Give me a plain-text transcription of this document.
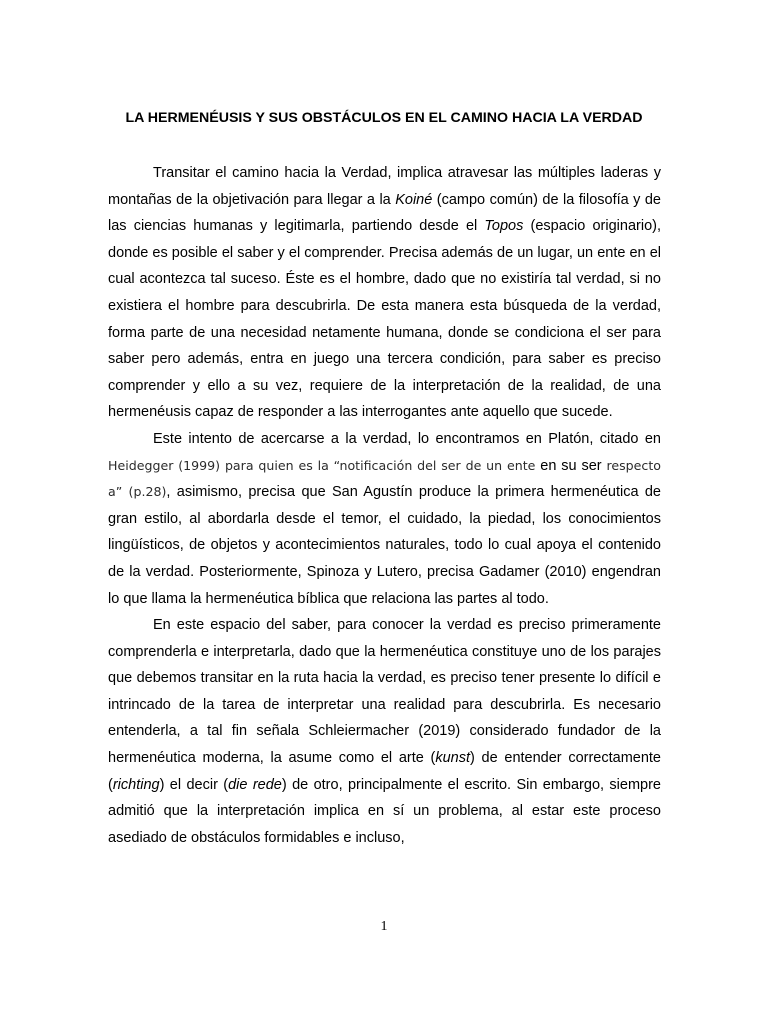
LA HERMENÉUSIS Y SUS OBSTÁCULOS EN EL CAMINO HACIA LA VERDAD

Transitar el camino hacia la Verdad, implica atravesar las múltiples laderas y montañas de la objetivación para llegar a la Koiné (campo común) de la filosofía y de las ciencias humanas y legitimarla, partiendo desde el Topos (espacio originario), donde es posible el saber y el comprender. Precisa además de un lugar, un ente en el cual acontezca tal suceso. Éste es el hombre, dado que no existiría tal verdad, si no existiera el hombre para descubrirla. De esta manera esta búsqueda de la verdad, forma parte de una necesidad netamente humana, donde se condiciona el ser para saber pero además, entra en juego una tercera condición, para saber es preciso comprender y ello a su vez, requiere de la interpretación de la realidad, de una hermenéusis capaz de responder a las interrogantes ante aquello que sucede.

Este intento de acercarse a la verdad, lo encontramos en Platón, citado en Heidegger (1999) para quien es la “notificación del ser de un ente en su ser respecto a” (p.28), asimismo, precisa que San Agustín produce la primera hermenéutica de gran estilo, al abordarla desde el temor, el cuidado, la piedad, los conocimientos lingüísticos, de objetos y acontecimientos naturales, todo lo cual apoya el contenido de la verdad. Posteriormente, Spinoza y Lutero, precisa Gadamer (2010) engendran lo que llama la hermenéutica bíblica que relaciona las partes al todo.

En este espacio del saber, para conocer la verdad es preciso primeramente comprenderla e interpretarla, dado que la hermenéutica constituye uno de los parajes que debemos transitar en la ruta hacia la verdad, es preciso tener presente lo difícil e intrincado de la tarea de interpretar una realidad para descubrirla. Es necesario entenderla, a tal fin señala Schleiermacher (2019) considerado fundador de la hermenéutica moderna, la asume como el arte (kunst) de entender correctamente (richting) el decir (die rede) de otro, principalmente el escrito. Sin embargo, siempre admitió que la interpretación implica en sí un problema, al estar este proceso asediado de obstáculos formidables e incluso,

1
